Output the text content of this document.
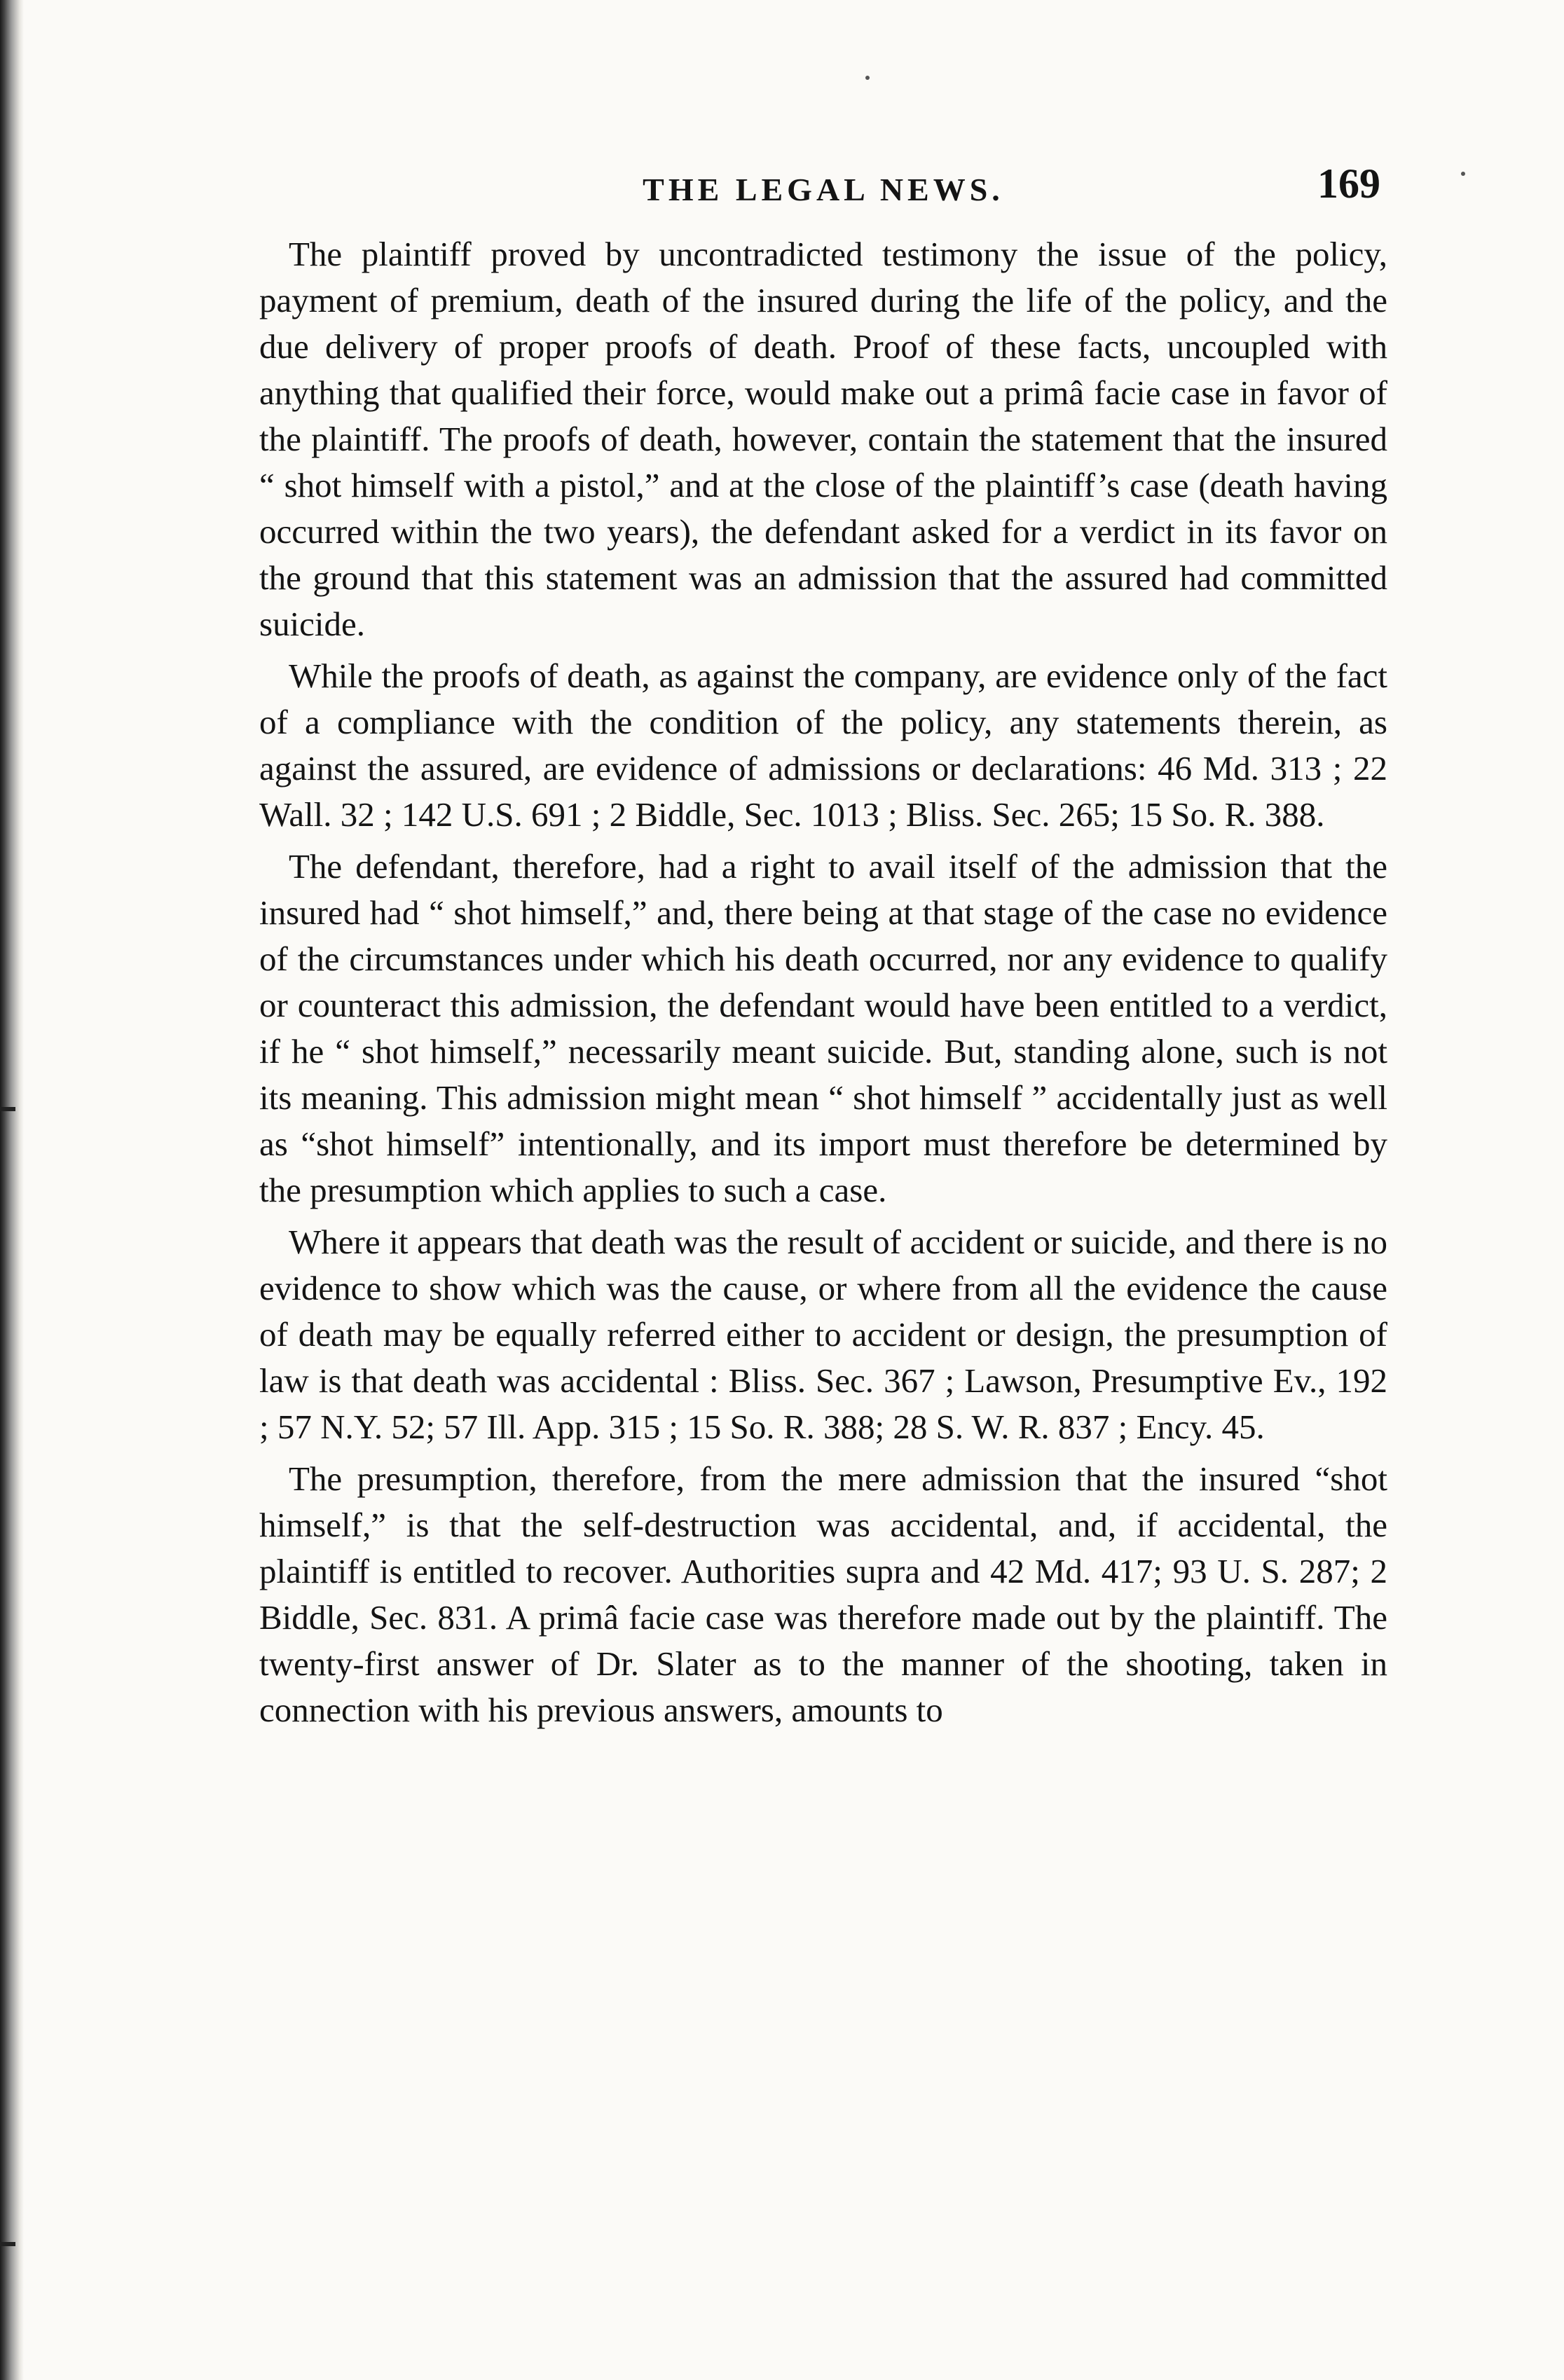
THE LEGAL NEWS.	169

The plaintiff proved by uncontradicted testimony the issue of the policy, payment of premium, death of the insured during the life of the policy, and the due delivery of proper proofs of death. Proof of these facts, uncoupled with anything that qualified their force, would make out a primâ facie case in favor of the plaintiff. The proofs of death, however, contain the statement that the insured “ shot himself with a pistol,” and at the close of the plaintiff’s case (death having occurred within the two years), the defendant asked for a verdict in its favor on the ground that this statement was an admission that the assured had committed suicide.

While the proofs of death, as against the company, are evidence only of the fact of a compliance with the condition of the policy, any statements therein, as against the assured, are evidence of admissions or declarations: 46 Md. 313 ; 22 Wall. 32 ; 142 U.S. 691 ; 2 Biddle, Sec. 1013 ; Bliss. Sec. 265; 15 So. R. 388.

The defendant, therefore, had a right to avail itself of the admission that the insured had “ shot himself,” and, there being at that stage of the case no evidence of the circumstances under which his death occurred, nor any evidence to qualify or counteract this admission, the defendant would have been entitled to a verdict, if he “ shot himself,” necessarily meant suicide. But, standing alone, such is not its meaning. This admission might mean “ shot himself ” accidentally just as well as “shot himself” intentionally, and its import must therefore be determined by the presumption which applies to such a case.

Where it appears that death was the result of accident or suicide, and there is no evidence to show which was the cause, or where from all the evidence the cause of death may be equally referred either to accident or design, the presumption of law is that death was accidental : Bliss. Sec. 367 ; Lawson, Presumptive Ev., 192 ; 57 N.Y. 52; 57 Ill. App. 315 ; 15 So. R. 388; 28 S. W. R. 837 ; Ency. 45.

The presumption, therefore, from the mere admission that the insured “shot himself,” is that the self-destruction was accidental, and, if accidental, the plaintiff is entitled to recover. Authorities supra and 42 Md. 417; 93 U. S. 287; 2 Biddle, Sec. 831. A primâ facie case was therefore made out by the plaintiff. The twenty-first answer of Dr. Slater as to the manner of the shooting, taken in connection with his previous answers, amounts to
